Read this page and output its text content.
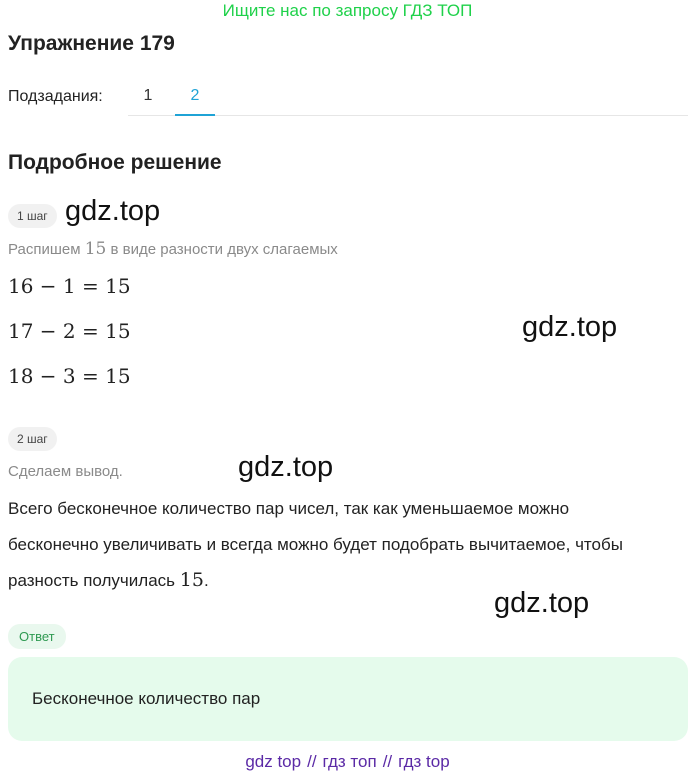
Ищите нас по запросу ГДЗ ТОП
Упражнение 179
Подзадания:	1	2
Подробное решение
1 шаг gdz.top
Распишем 15 в виде разности двух слагаемых
16 − 1 = 15
17 − 2 = 15	gdz.top
18 − 3 = 15
2 шаг
gdz.top
Сделаем вывод.
Всего бесконечное количество пар чисел, так как уменьшаемое можно
бесконечно увеличивать и всегда можно будет подобрать вычитаемое, чтобы
разность получилась 15.
gdz.top
Ответ
Бесконечное количество пар
gdz top // гдз топ // гдз top
